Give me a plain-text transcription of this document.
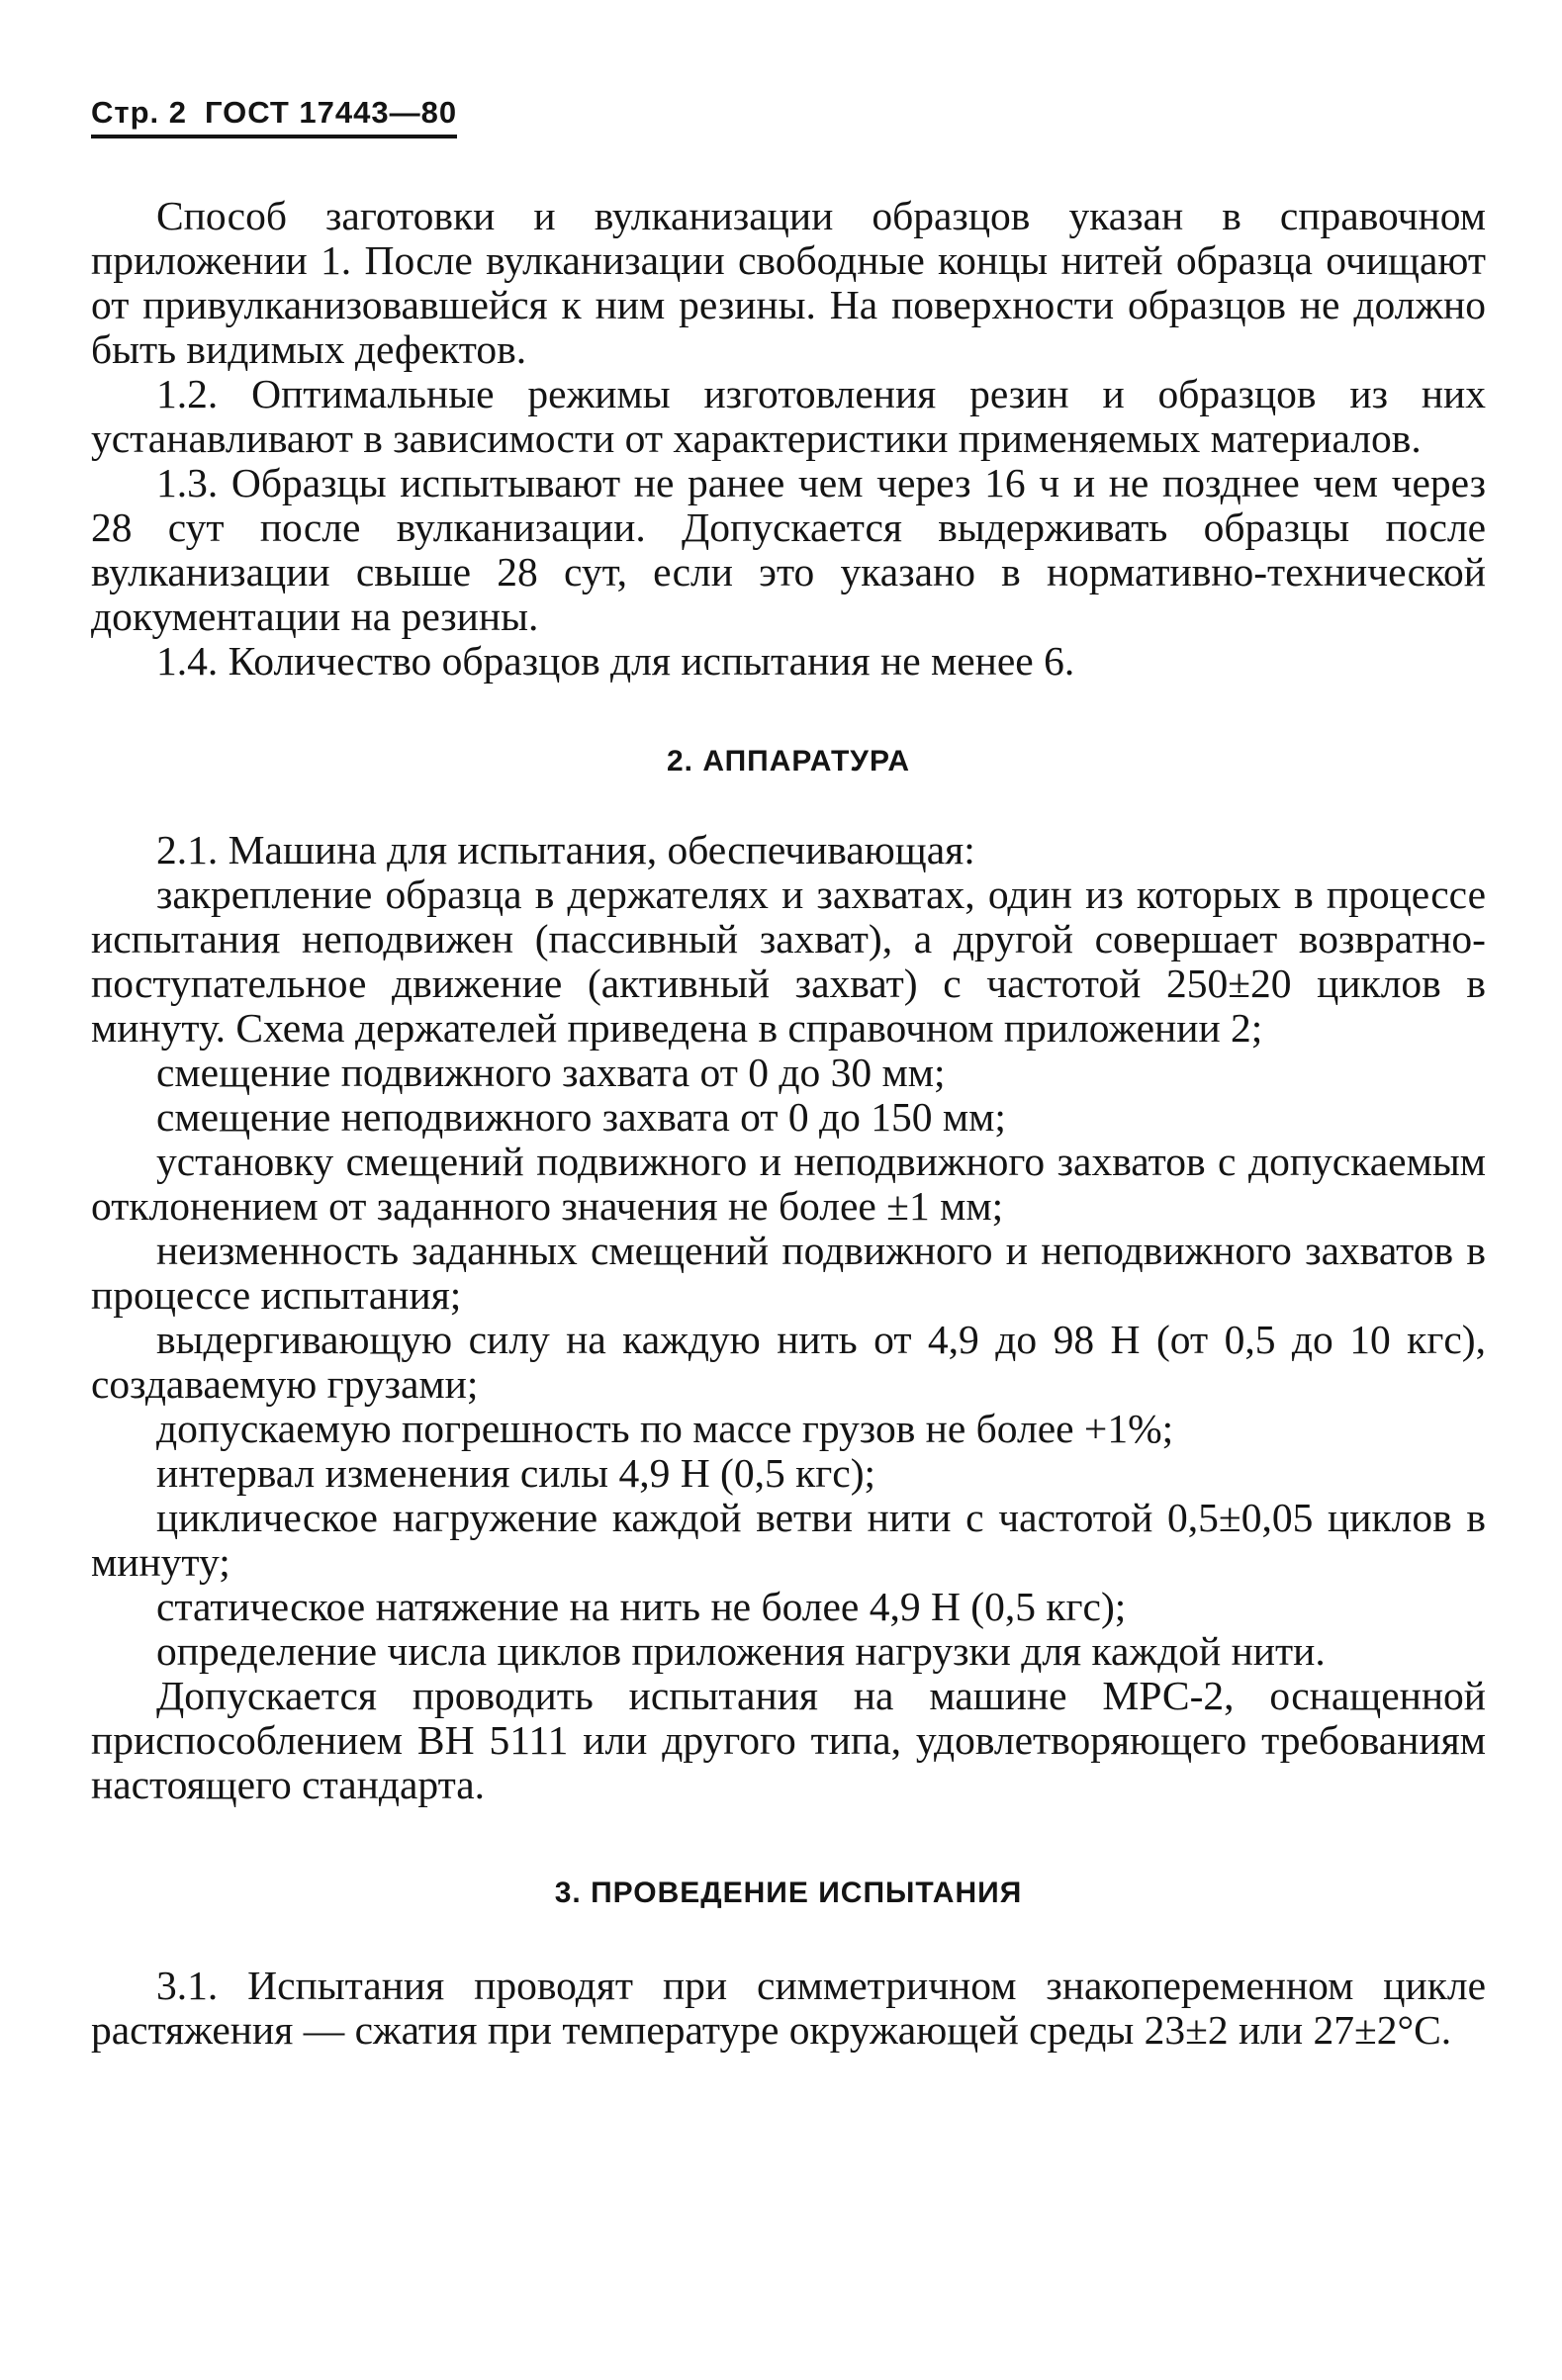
Стр. 2 ГОСТ 17443—80

Способ заготовки и вулканизации образцов указан в справочном приложении 1. После вулканизации свободные концы нитей образца очищают от привулканизовавшейся к ним резины. На поверхности образцов не должно быть видимых дефектов.

1.2. Оптимальные режимы изготовления резин и образцов из них устанавливают в зависимости от характеристики применяемых материалов.

1.3. Образцы испытывают не ранее чем через 16 ч и не позднее чем через 28 сут после вулканизации. Допускается выдерживать образцы после вулканизации свыше 28 сут, если это указано в нормативно-технической документации на резины.

1.4. Количество образцов для испытания не менее 6.

2. АППАРАТУРА

2.1. Машина для испытания, обеспечивающая:

закрепление образца в держателях и захватах, один из которых в процессе испытания неподвижен (пассивный захват), а другой совершает возвратно-поступательное движение (активный захват) с частотой 250±20 циклов в минуту. Схема держателей приведена в справочном приложении 2;

смещение подвижного захвата от 0 до 30 мм;

смещение неподвижного захвата от 0 до 150 мм;

установку смещений подвижного и неподвижного захватов с допускаемым отклонением от заданного значения не более ±1 мм;

неизменность заданных смещений подвижного и неподвижного захватов в процессе испытания;

выдергивающую силу на каждую нить от 4,9 до 98 Н (от 0,5 до 10 кгс), создаваемую грузами;

допускаемую погрешность по массе грузов не более +1%;

интервал изменения силы 4,9 Н (0,5 кгс);

циклическое нагружение каждой ветви нити с частотой 0,5±0,05 циклов в минуту;

статическое натяжение на нить не более 4,9 Н (0,5 кгс);

определение числа циклов приложения нагрузки для каждой нити.

Допускается проводить испытания на машине МРС-2, оснащенной приспособлением ВН 5111 или другого типа, удовлетворяющего требованиям настоящего стандарта.

3. ПРОВЕДЕНИЕ ИСПЫТАНИЯ

3.1. Испытания проводят при симметричном знакопеременном цикле растяжения — сжатия при температуре окружающей среды 23±2 или 27±2°С.
